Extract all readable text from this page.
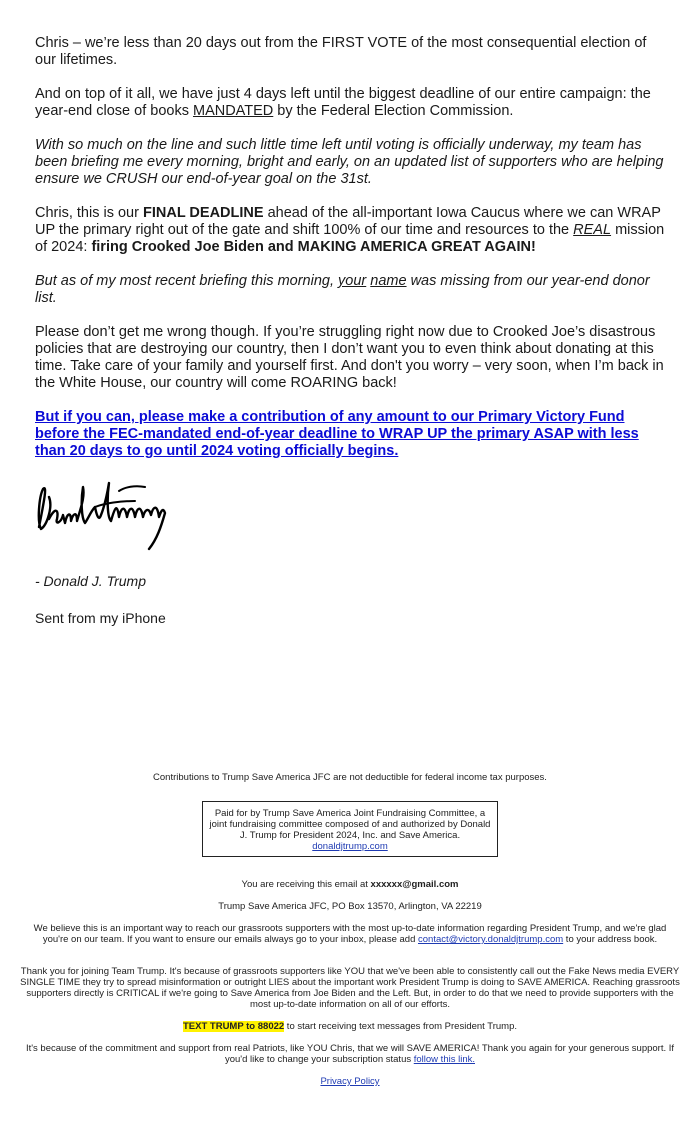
Chris – we’re less than 20 days out from the FIRST VOTE of the most consequential election of our lifetimes.

And on top of it all, we have just 4 days left until the biggest deadline of our entire campaign: the year-end close of books MANDATED by the Federal Election Commission.

With so much on the line and such little time left until voting is officially underway, my team has been briefing me every morning, bright and early, on an updated list of supporters who are helping ensure we CRUSH our end-of-year goal on the 31st.

Chris, this is our FINAL DEADLINE ahead of the all-important Iowa Caucus where we can WRAP UP the primary right out of the gate and shift 100% of our time and resources to the REAL mission of 2024: firing Crooked Joe Biden and MAKING AMERICA GREAT AGAIN!

But as of my most recent briefing this morning, your name was missing from our year-end donor list.

Please don’t get me wrong though. If you’re struggling right now due to Crooked Joe’s disastrous policies that are destroying our country, then I don’t want you to even think about donating at this time. Take care of your family and yourself first. And don't you worry – very soon, when I’m back in the White House, our country will come ROARING back!

But if you can, please make a contribution of any amount to our Primary Victory Fund before the FEC-mandated end-of-year deadline to WRAP UP the primary ASAP with less than 20 days to go until 2024 voting officially begins.

- Donald J. Trump
Sent from my iPhone
Contributions to Trump Save America JFC are not deductible for federal income tax purposes.
Paid for by Trump Save America Joint Fundraising Committee, a joint fundraising committee composed of and authorized by Donald J. Trump for President 2024, Inc. and Save America.
donaldjtrump.com
You are receiving this email at xxxxxx@gmail.com
Trump Save America JFC, PO Box 13570, Arlington, VA 22219
We believe this is an important way to reach our grassroots supporters with the most up-to-date information regarding President Trump, and we're glad you're on our team. If you want to ensure our emails always go to your inbox, please add contact@victory.donaldjtrump.com to your address book.
Thank you for joining Team Trump. It's because of grassroots supporters like YOU that we've been able to consistently call out the Fake News media EVERY SINGLE TIME they try to spread misinformation or outright LIES about the important work President Trump is doing to SAVE AMERICA. Reaching grassroots supporters directly is CRITICAL if we're going to Save America from Joe Biden and the Left. But, in order to do that we need to provide supporters with the most up-to-date information on all of our efforts.
TEXT TRUMP to 88022 to start receiving text messages from President Trump.
It's because of the commitment and support from real Patriots, like YOU Chris, that we will SAVE AMERICA! Thank you again for your generous support. If you'd like to change your subscription status follow this link.
Privacy Policy
